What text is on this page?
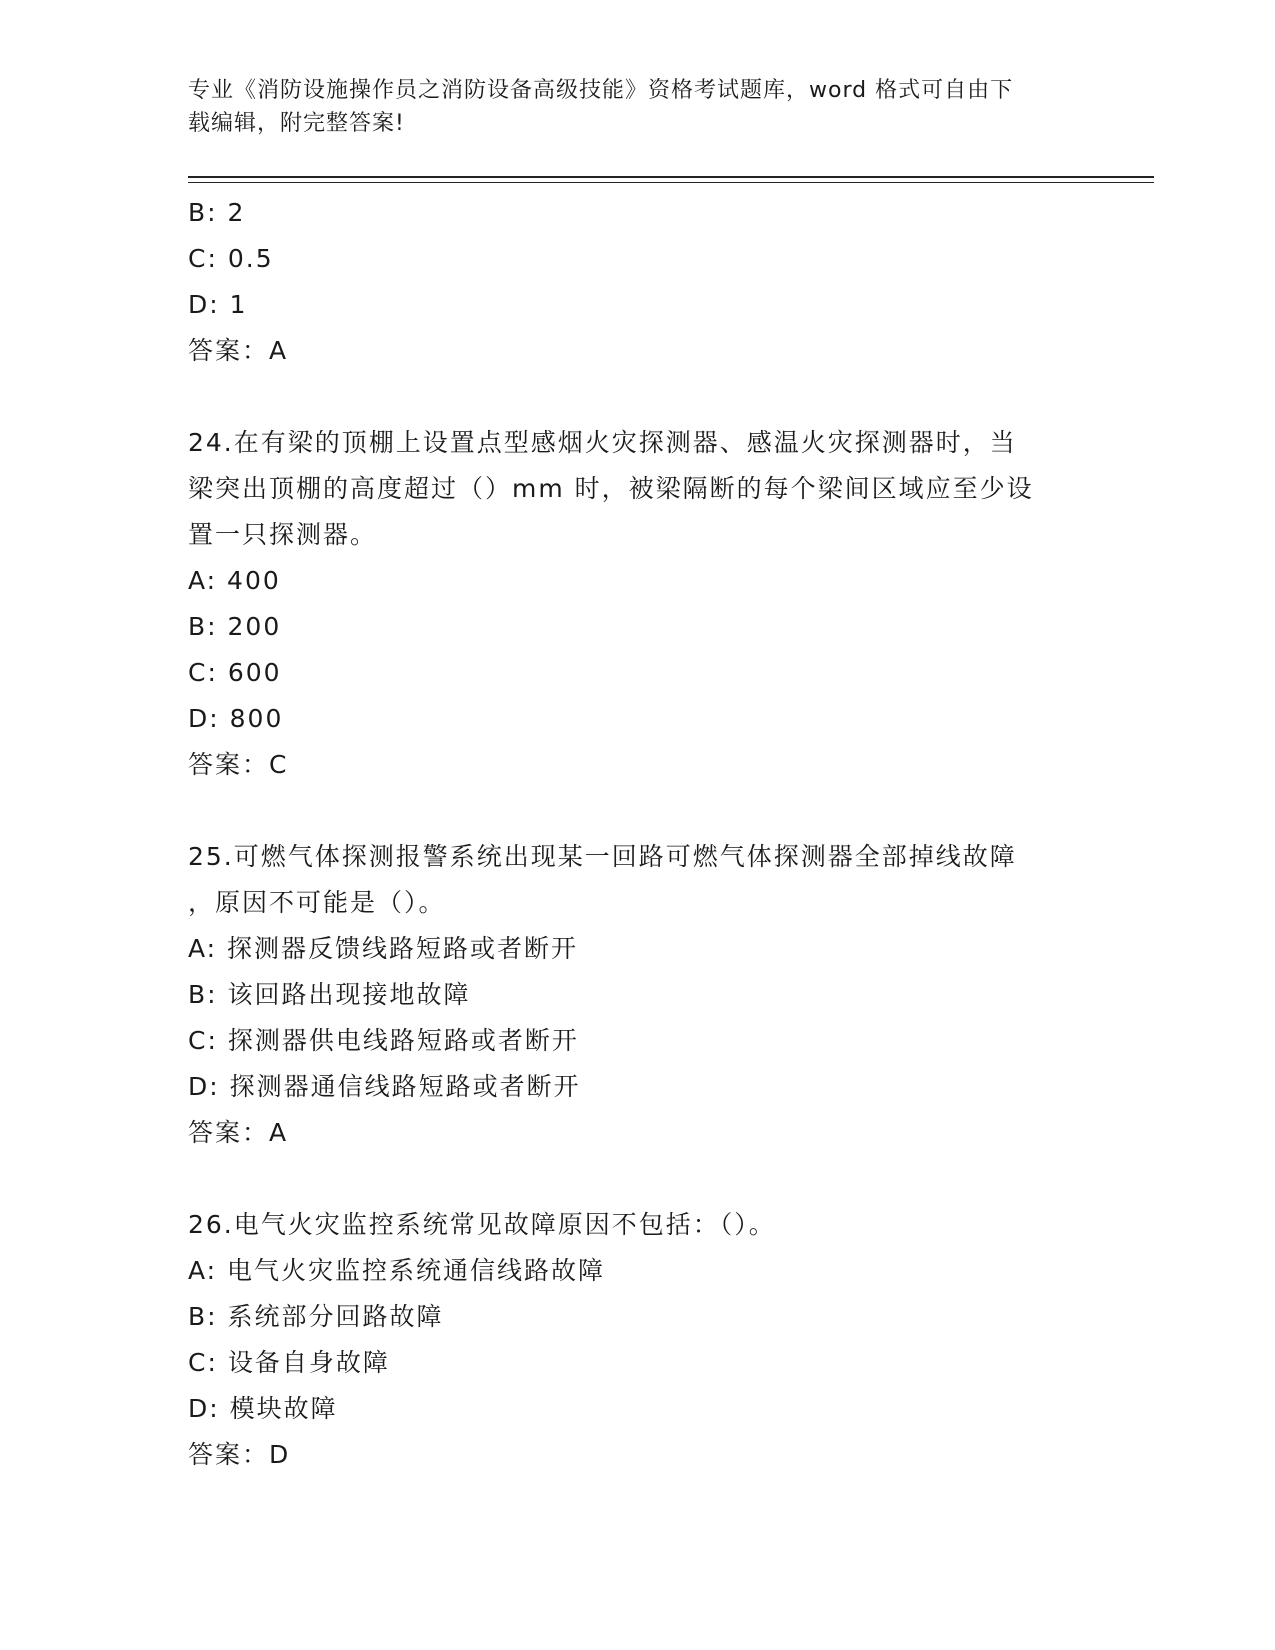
专业《消防设施操作员之消防设备高级技能》资格考试题库，word 格式可自由下
载编辑，附完整答案!
B: 2
C: 0.5
D: 1
答案：A
24.在有梁的顶棚上设置点型感烟火灾探测器、感温火灾探测器时，当
梁突出顶棚的高度超过（）mm 时，被梁隔断的每个梁间区域应至少设
置一只探测器。
A: 400
B: 200
C: 600
D: 800
答案：C
25.可燃气体探测报警系统出现某一回路可燃气体探测器全部掉线故障
，原因不可能是（）。
A: 探测器反馈线路短路或者断开
B: 该回路出现接地故障
C: 探测器供电线路短路或者断开
D: 探测器通信线路短路或者断开
答案：A
26.电气火灾监控系统常见故障原因不包括：（）。
A: 电气火灾监控系统通信线路故障
B: 系统部分回路故障
C: 设备自身故障
D: 模块故障
答案：D
